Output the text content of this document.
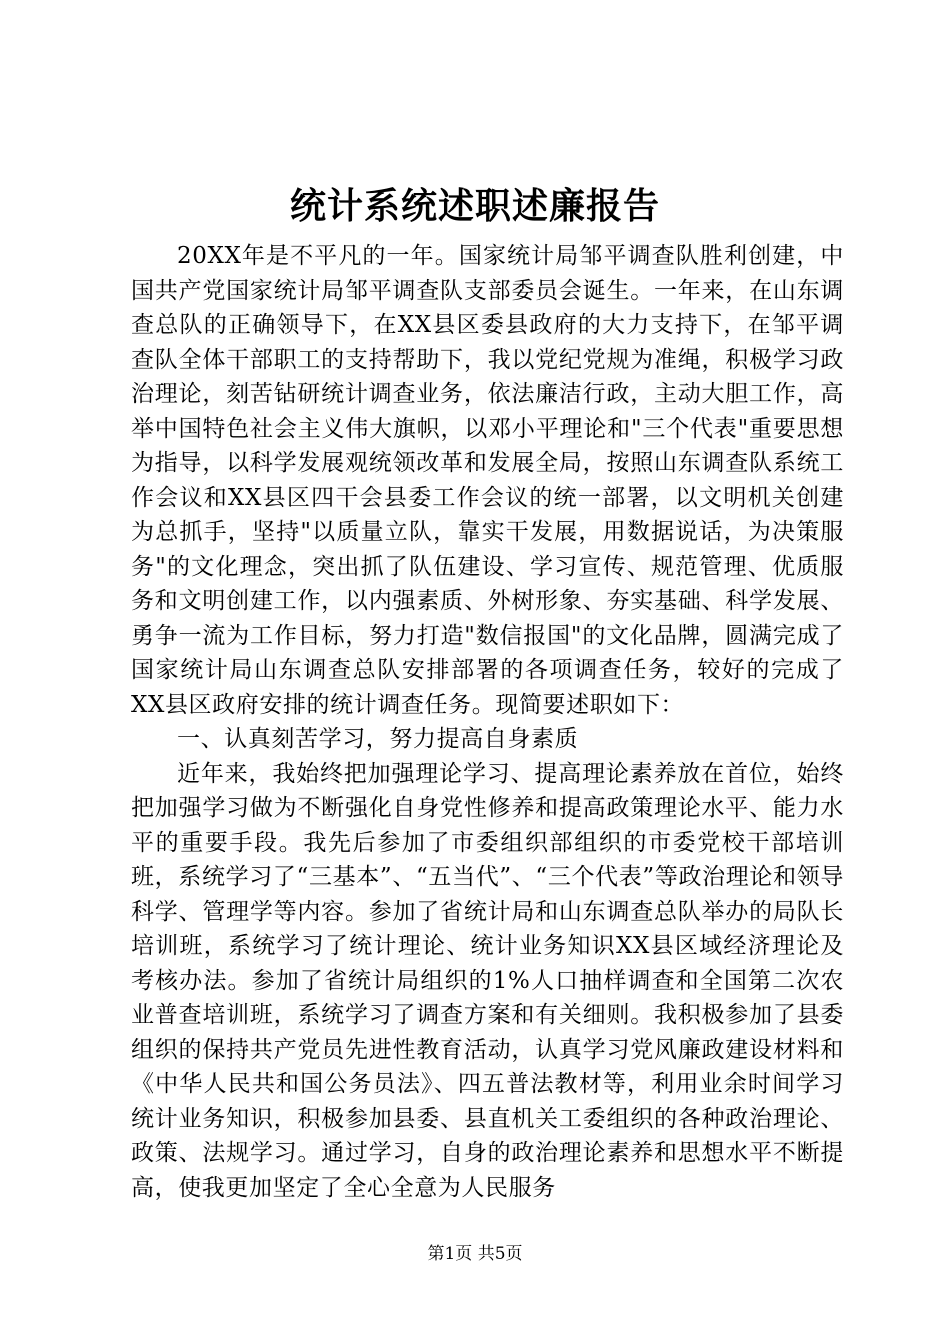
统计系统述职述廉报告

20XX年是不平凡的一年。国家统计局邹平调查队胜利创建，中国共产党国家统计局邹平调查队支部委员会诞生。一年来，在山东调查总队的正确领导下，在XX县区委县政府的大力支持下，在邹平调查队全体干部职工的支持帮助下，我以党纪党规为准绳，积极学习政治理论，刻苦钻研统计调查业务，依法廉洁行政，主动大胆工作，高举中国特色社会主义伟大旗帜，以邓小平理论和"三个代表"重要思想为指导，以科学发展观统领改革和发展全局，按照山东调查队系统工作会议和XX县区四干会县委工作会议的统一部署，以文明机关创建为总抓手，坚持"以质量立队，靠实干发展，用数据说话，为决策服务"的文化理念，突出抓了队伍建设、学习宣传、规范管理、优质服务和文明创建工作，以内强素质、外树形象、夯实基础、科学发展、勇争一流为工作目标，努力打造"数信报国"的文化品牌，圆满完成了国家统计局山东调查总队安排部署的各项调查任务，较好的完成了XX县区政府安排的统计调查任务。现简要述职如下：

一、认真刻苦学习，努力提高自身素质

近年来，我始终把加强理论学习、提高理论素养放在首位，始终把加强学习做为不断强化自身党性修养和提高政策理论水平、能力水平的重要手段。我先后参加了市委组织部组织的市委党校干部培训班，系统学习了“三基本”、“五当代”、“三个代表”等政治理论和领导科学、管理学等内容。参加了省统计局和山东调查总队举办的局队长培训班，系统学习了统计理论、统计业务知识XX县区域经济理论及考核办法。参加了省统计局组织的1%人口抽样调查和全国第二次农业普查培训班，系统学习了调查方案和有关细则。我积极参加了县委组织的保持共产党员先进性教育活动，认真学习党风廉政建设材料和《中华人民共和国公务员法》、四五普法教材等，利用业余时间学习统计业务知识，积极参加县委、县直机关工委组织的各种政治理论、政策、法规学习。通过学习，自身的政治理论素养和思想水平不断提高，使我更加坚定了全心全意为人民服务

第1页 共5页
